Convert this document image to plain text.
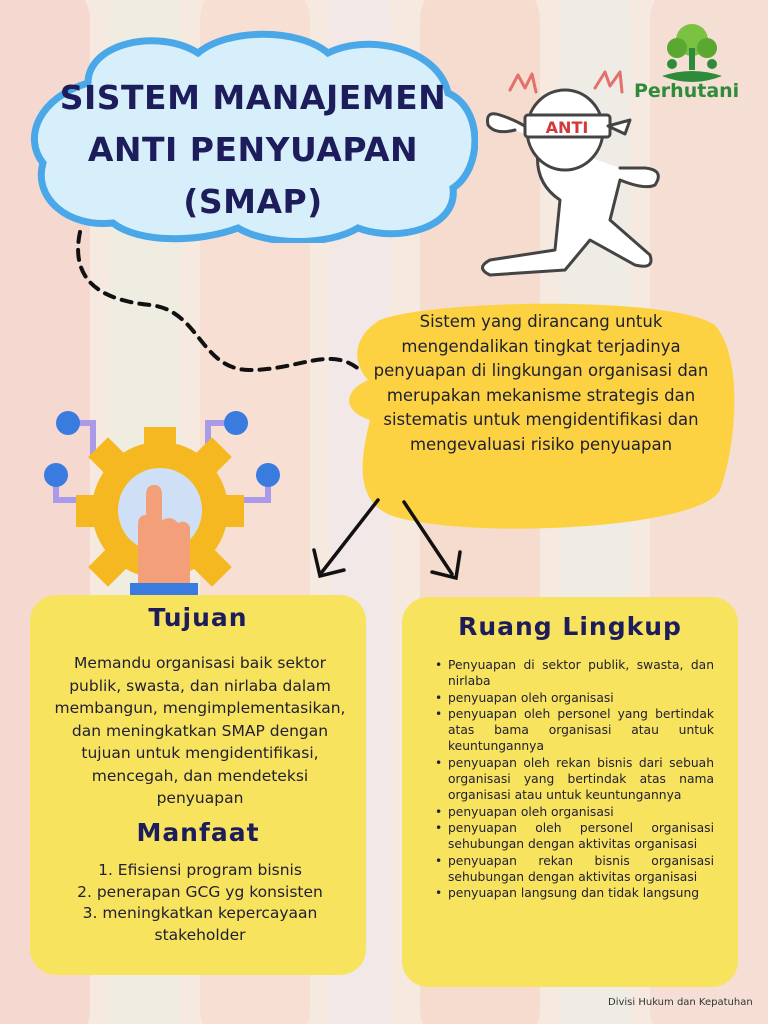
SISTEM MANAJEMEN
ANTI PENYUAPAN
(SMAP)
Perhutani
ANTI
Sistem yang dirancang untuk mengendalikan tingkat terjadinya penyuapan di lingkungan organisasi dan merupakan mekanisme strategis dan sistematis untuk mengidentifikasi dan mengevaluasi risiko penyuapan
Tujuan
Memandu organisasi baik sektor publik, swasta, dan nirlaba dalam membangun, mengimplementasikan, dan meningkatkan SMAP dengan tujuan untuk mengidentifikasi, mencegah, dan mendeteksi penyuapan
Manfaat
1. Efisiensi program bisnis
2. penerapan GCG yg konsisten
3. meningkatkan kepercayaan stakeholder
Ruang Lingkup
• Penyuapan di sektor publik, swasta, dan nirlaba
• penyuapan oleh organisasi
• penyuapan oleh personel yang bertindak atas bama organisasi atau untuk keuntungannya
• penyuapan oleh rekan bisnis dari sebuah organisasi yang bertindak atas nama organisasi atau untuk keuntungannya
• penyuapan oleh organisasi
• penyuapan oleh personel organisasi sehubungan dengan aktivitas organisasi
• penyuapan rekan bisnis organisasi sehubungan dengan aktivitas organisasi
• penyuapan langsung dan tidak langsung
Divisi Hukum dan Kepatuhan
